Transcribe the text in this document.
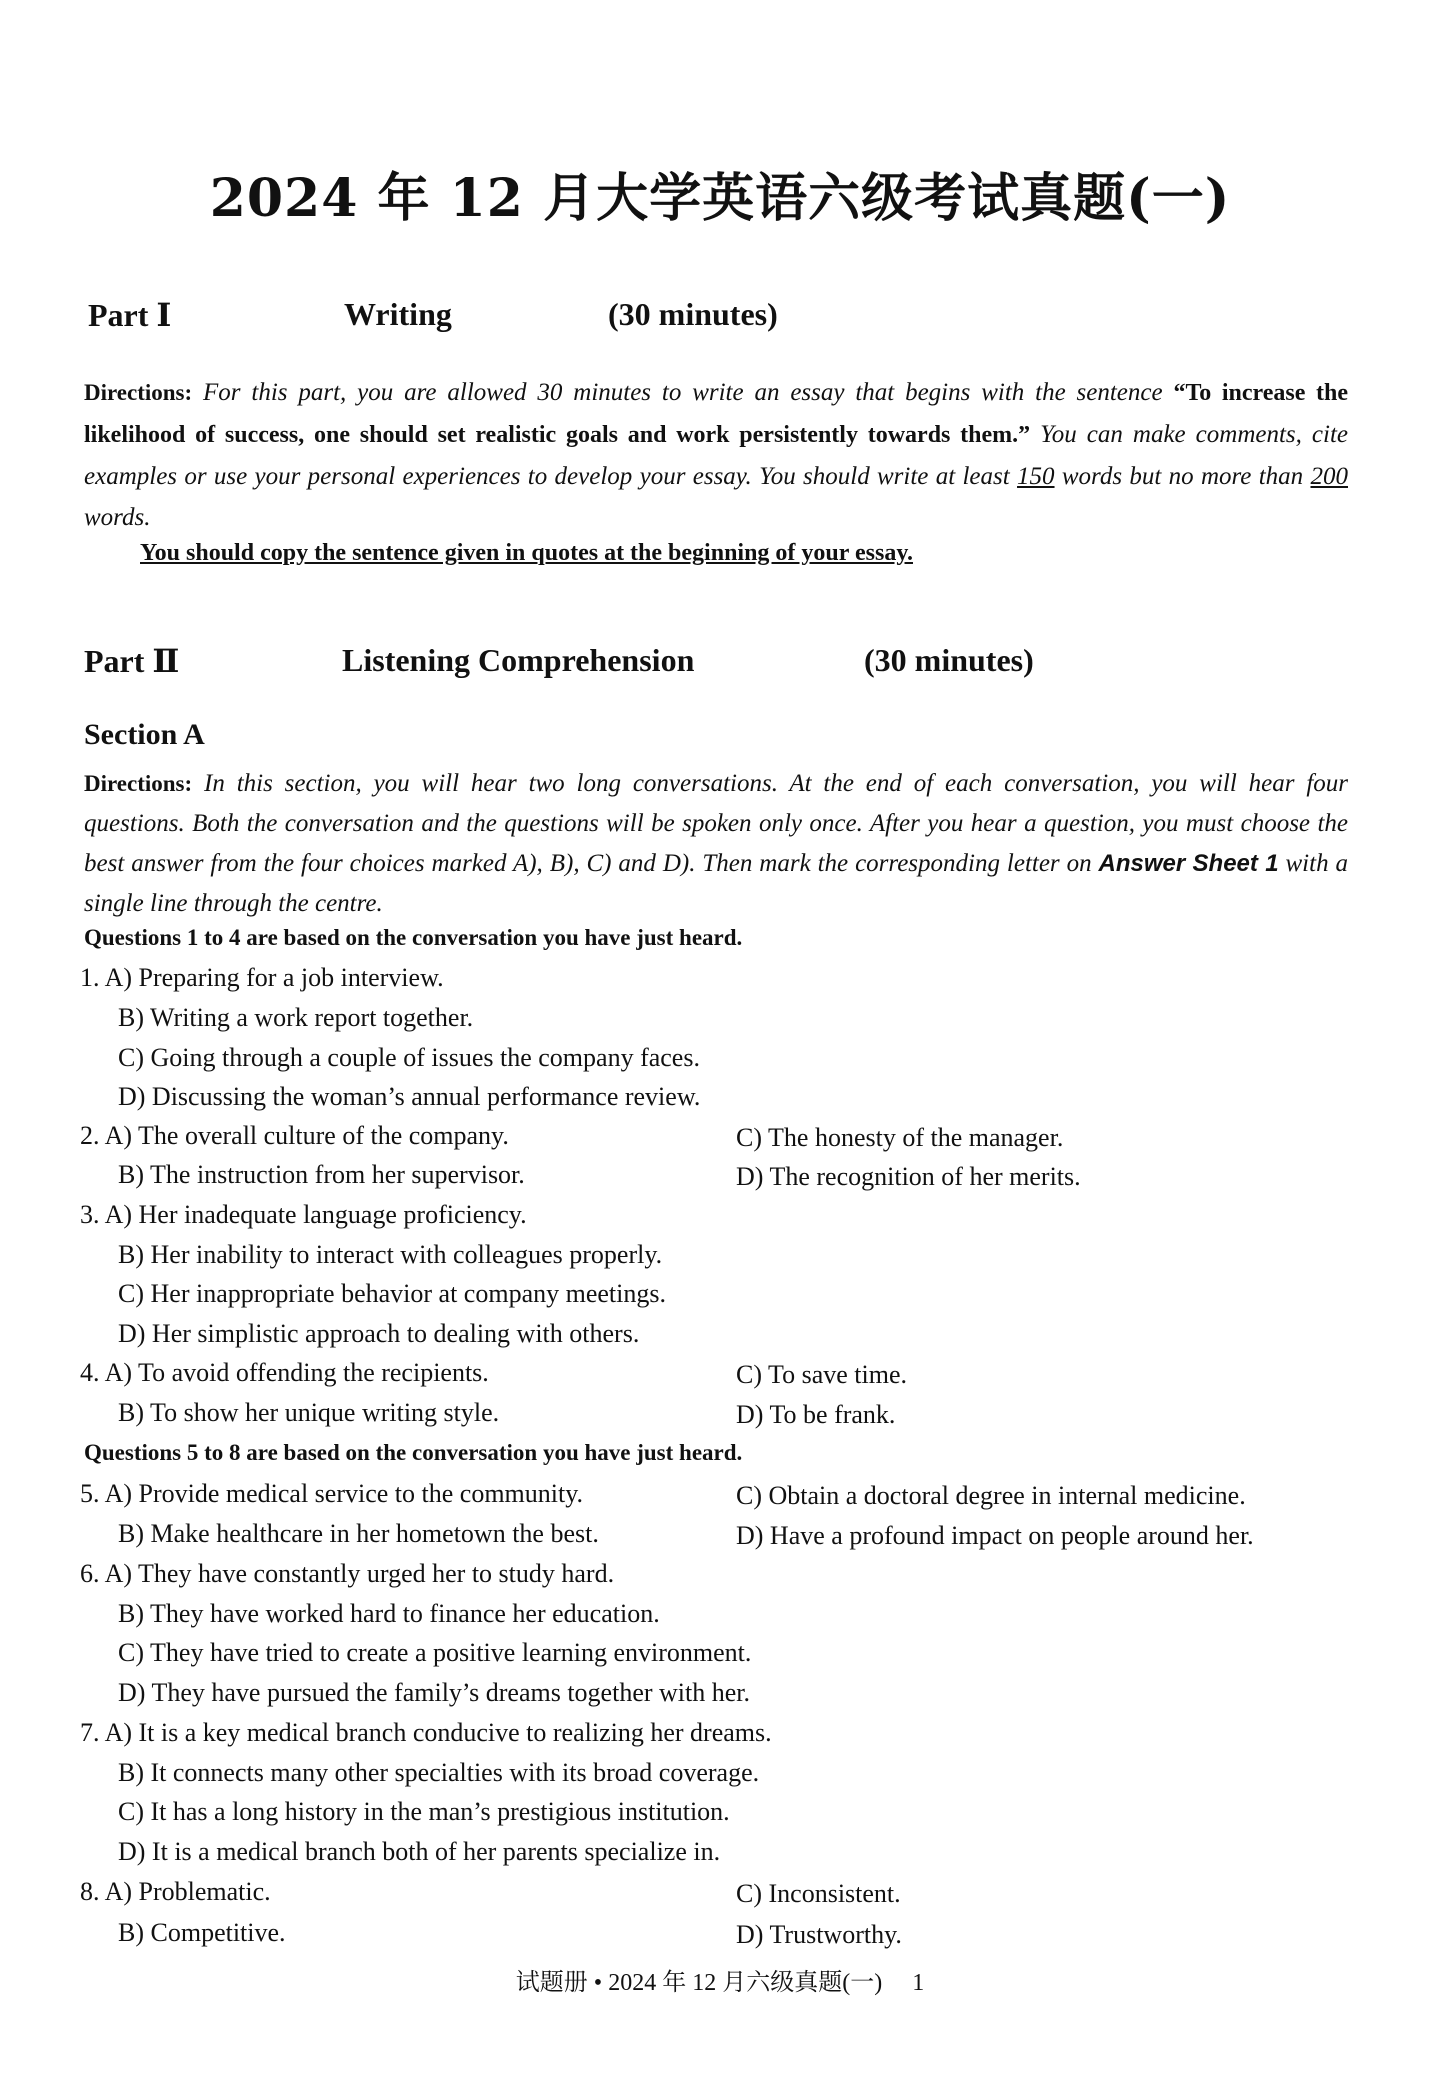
2024 年 12 月大学英语六级考试真题(一)
Part Ⅰ	Writing	(30 minutes)
Directions: For this part, you are allowed 30 minutes to write an essay that begins with the sentence “To increase the likelihood of success, one should set realistic goals and work persistently towards them.” You can make comments, cite examples or use your personal experiences to develop your essay. You should write at least 150 words but no more than 200 words.
You should copy the sentence given in quotes at the beginning of your essay.
Part Ⅱ	Listening Comprehension	(30 minutes)
Section A
Directions: In this section, you will hear two long conversations. At the end of each conversation, you will hear four questions. Both the conversation and the questions will be spoken only once. After you hear a question, you must choose the best answer from the four choices marked A), B), C) and D). Then mark the corresponding letter on Answer Sheet 1 with a single line through the centre.
Questions 1 to 4 are based on the conversation you have just heard.
1. A) Preparing for a job interview.
B) Writing a work report together.
C) Going through a couple of issues the company faces.
D) Discussing the woman’s annual performance review.
2. A) The overall culture of the company.	C) The honesty of the manager.
B) The instruction from her supervisor.	D) The recognition of her merits.
3. A) Her inadequate language proficiency.
B) Her inability to interact with colleagues properly.
C) Her inappropriate behavior at company meetings.
D) Her simplistic approach to dealing with others.
4. A) To avoid offending the recipients.	C) To save time.
B) To show her unique writing style.	D) To be frank.
Questions 5 to 8 are based on the conversation you have just heard.
5. A) Provide medical service to the community.	C) Obtain a doctoral degree in internal medicine.
B) Make healthcare in her hometown the best.	D) Have a profound impact on people around her.
6. A) They have constantly urged her to study hard.
B) They have worked hard to finance her education.
C) They have tried to create a positive learning environment.
D) They have pursued the family’s dreams together with her.
7. A) It is a key medical branch conducive to realizing her dreams.
B) It connects many other specialties with its broad coverage.
C) It has a long history in the man’s prestigious institution.
D) It is a medical branch both of her parents specialize in.
8. A) Problematic.	C) Inconsistent.
B) Competitive.	D) Trustworthy.
试题册 • 2024 年 12 月六级真题(一) 1
